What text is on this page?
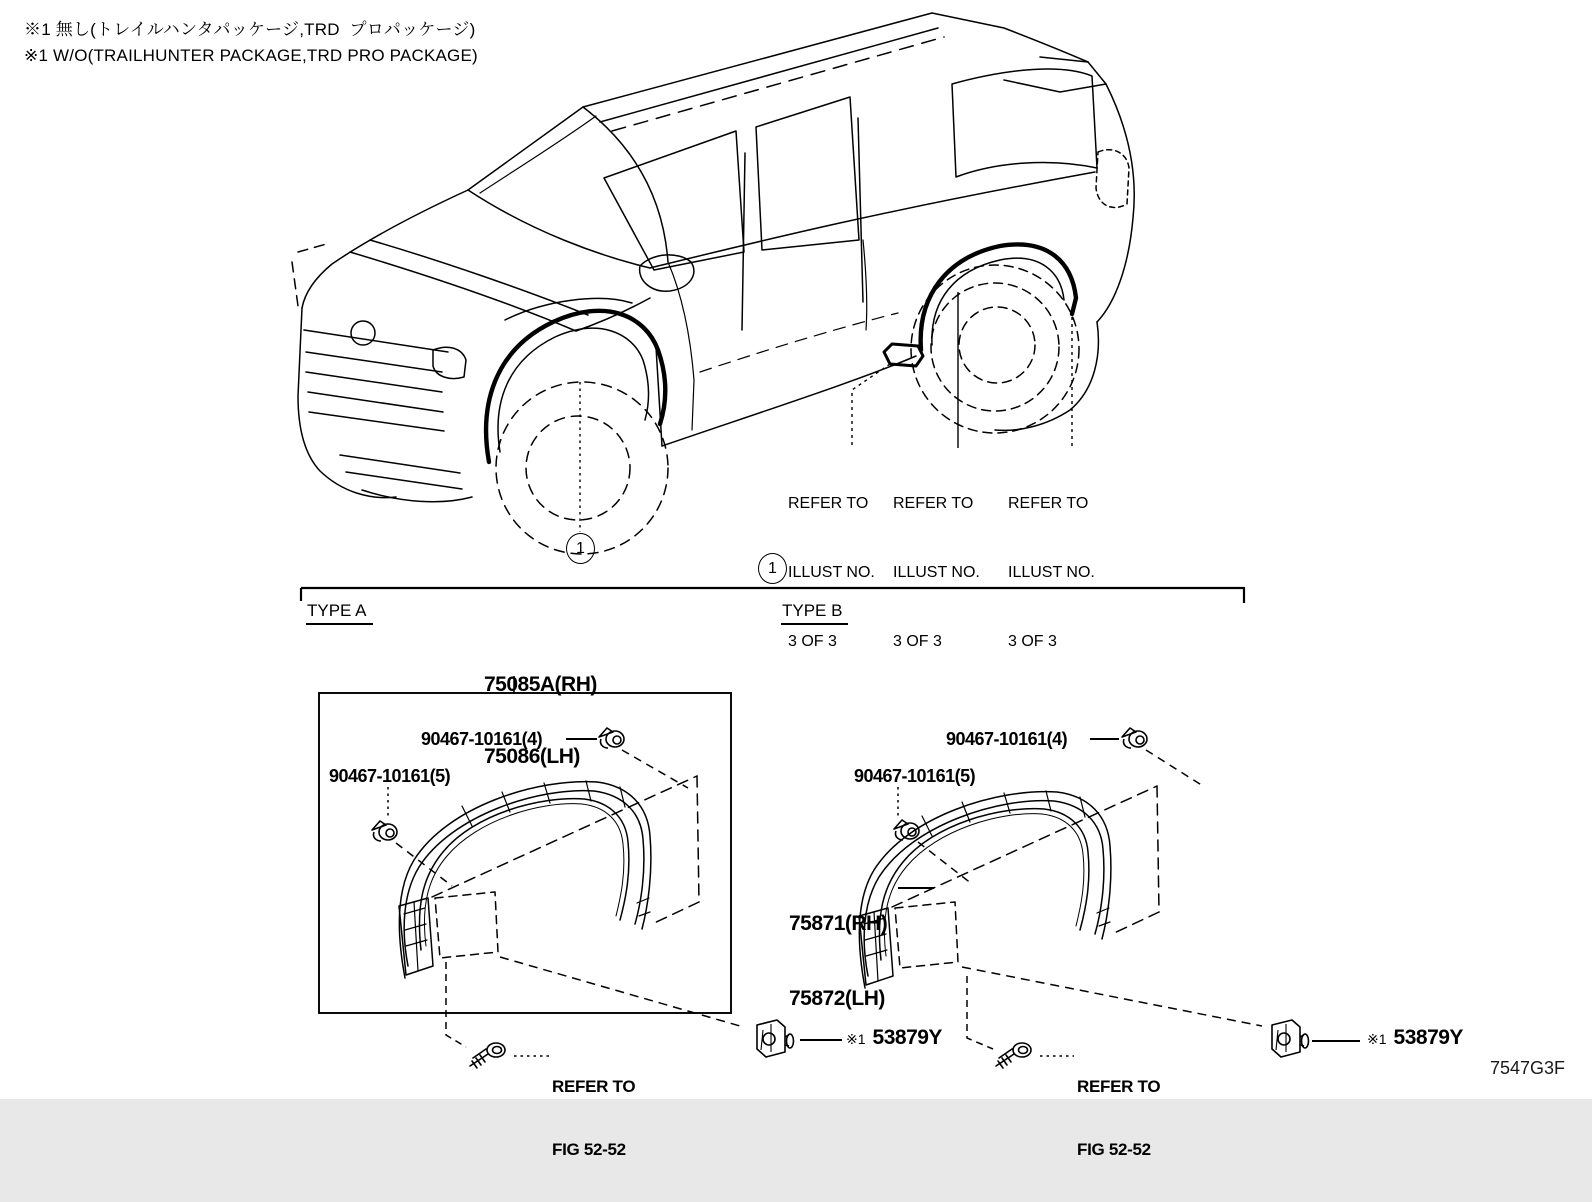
※1 無し(トレイルハンタパッケージ,TRD  プロパッケージ)
※1 W/O(TRAILHUNTER PACKAGE,TRD PRO PACKAGE)

REFER TO

ILLUST NO.

3 OF 3

REFER TO

ILLUST NO.

3 OF 3

REFER TO

ILLUST NO.

3 OF 3

1
1
TYPE A	TYPE B

75085A(RH)

75086(LH)

90467-10161(4)
90467-10161(5)
90467-10161(4)
90467-10161(5)

75871(RH)

75872(LH)

REFER TO

FIG 52-52

REFER TO

FIG 52-52

※1 53879Y	※1 53879Y
7547G3F
